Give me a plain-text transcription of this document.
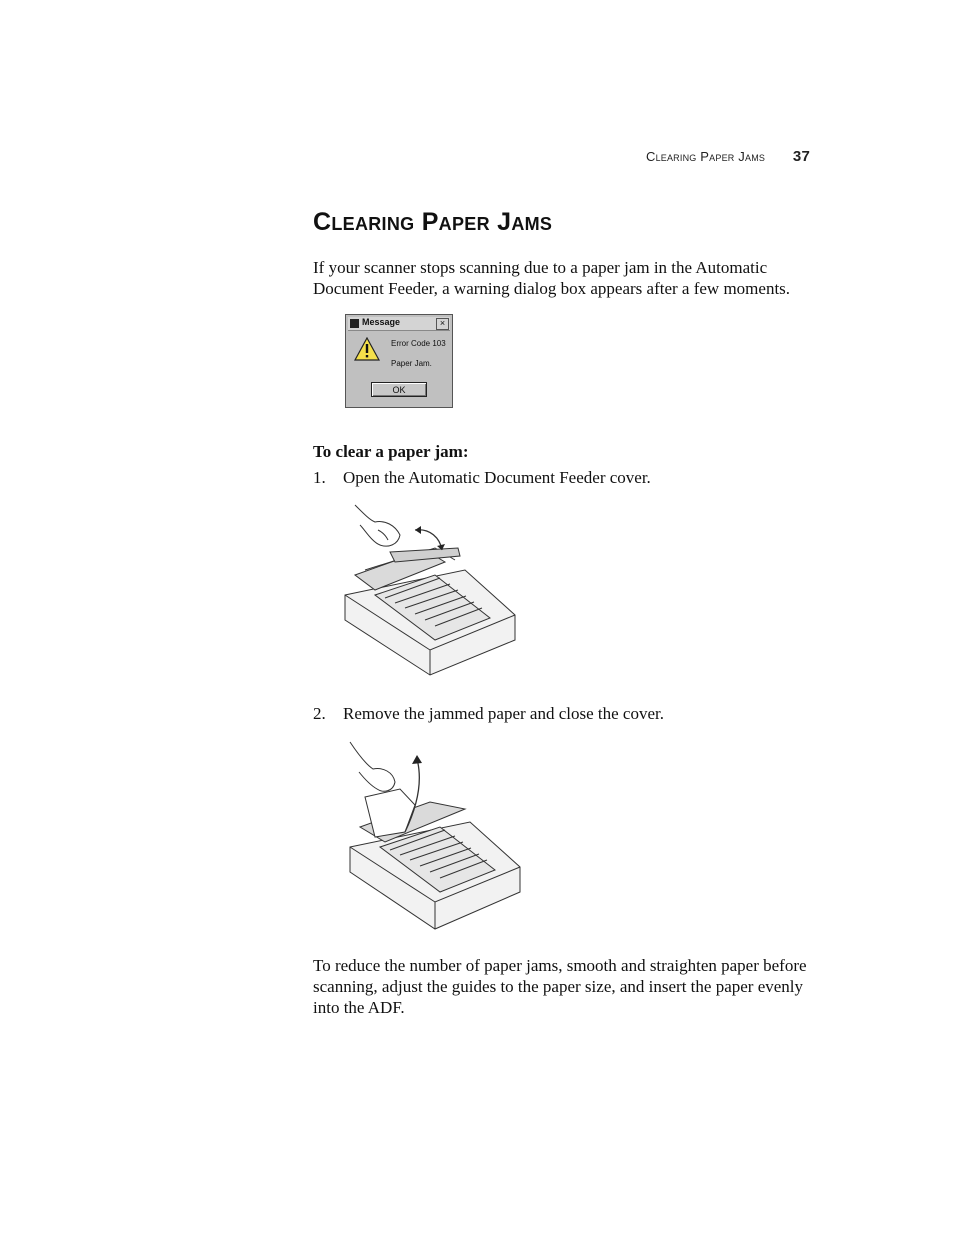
Clearing Paper Jams 37
Clearing Paper Jams

If your scanner stops scanning due to a paper jam in the Automatic Document Feeder, a warning dialog box appears after a few moments.

Message	×
Error Code 103
Paper Jam.
OK
To clear a paper jam:
1. Open the Automatic Document Feeder cover.
2. Remove the jammed paper and close the cover.

To reduce the number of paper jams, smooth and straighten paper before scanning, adjust the guides to the paper size, and insert the paper evenly into the ADF.
